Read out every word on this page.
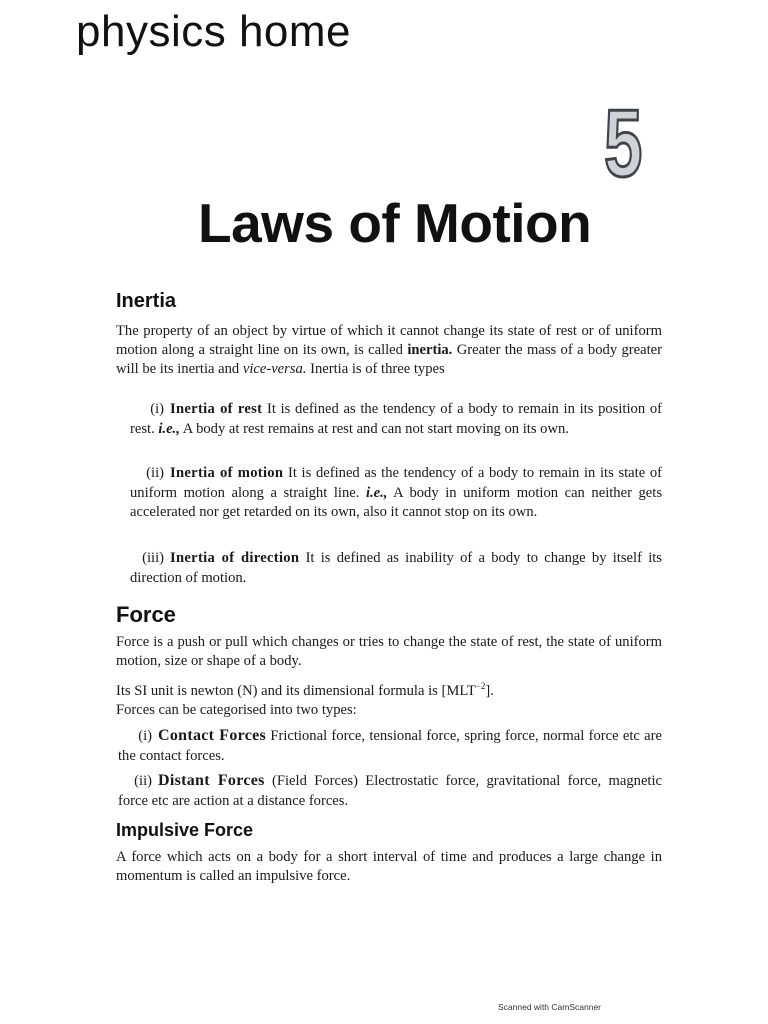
physics home
5
Laws of Motion
Inertia
The property of an object by virtue of which it cannot change its state of rest or of uniform motion along a straight line on its own, is called inertia. Greater the mass of a body greater will be its inertia and vice-versa. Inertia is of three types
(i) Inertia of rest It is defined as the tendency of a body to remain in its position of rest. i.e., A body at rest remains at rest and can not start moving on its own.
(ii) Inertia of motion It is defined as the tendency of a body to remain in its state of uniform motion along a straight line. i.e., A body in uniform motion can neither gets accelerated nor get retarded on its own, also it cannot stop on its own.
(iii) Inertia of direction It is defined as inability of a body to change by itself its direction of motion.
Force
Force is a push or pull which changes or tries to change the state of rest, the state of uniform motion, size or shape of a body.
Its SI unit is newton (N) and its dimensional formula is $[MLT^{-2}]$.
Forces can be categorised into two types:
(i) Contact Forces Frictional force, tensional force, spring force, normal force etc are the contact forces.
(ii) Distant Forces (Field Forces) Electrostatic force, gravitational force, magnetic force etc are action at a distance forces.
Impulsive Force
A force which acts on a body for a short interval of time and produces a large change in momentum is called an impulsive force.
Scanned with CamScanner
